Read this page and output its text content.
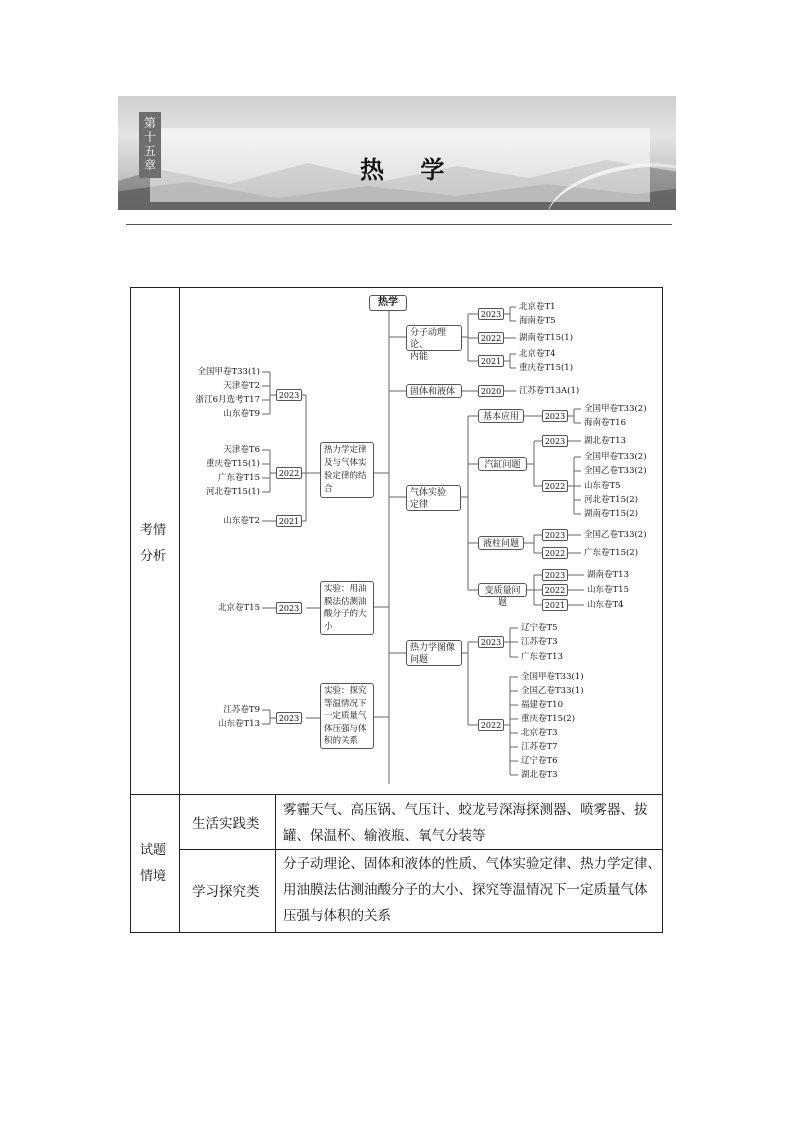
第
十
五
章	热 学
考情
分析
试题
情境
生活实践类
雾霾天气、高压锅、气压计、蛟龙号深海探测器、喷雾器、拔
罐、保温杯、输液瓶、氧气分装等
学习探究类
分子动理论、固体和液体的性质、气体实验定律、热力学定律、
用油膜法估测油酸分子的大小、探究等温情况下一定质量气体
压强与体积的关系
热学
分子动理论、
内能
固体和液体
气体实验
定律
热力学图像
问题
基本应用
汽缸问题
液柱问题
变质量问题
热力学定律
及与气体实
验定律的结
合
实验：用油
膜法估测油
酸分子的大
小
实验：探究
等温情况下
一定质量气
体压强与体
积的关系
2023
2022
2021
2020
2023
2023
2022
2023
2022
2023
2022
2021
2023
2022
2023
2022
2021
2023
2023
北京卷T1
海南卷T5
湖南卷T15(1)
北京卷T4
重庆卷T15(1)
江苏卷T13A(1)
全国甲卷T33(2)
海南卷T16
湖北卷T13
全国甲卷T33(2)
全国乙卷T33(2)
山东卷T5
河北卷T15(2)
湖南卷T15(2)
全国乙卷T33(2)
广东卷T15(2)
湖南卷T13
山东卷T15
山东卷T4
辽宁卷T5
江苏卷T3
广东卷T13
全国甲卷T33(1)
全国乙卷T33(1)
福建卷T10
重庆卷T15(2)
北京卷T3
江苏卷T7
辽宁卷T6
湖北卷T3
全国甲卷T33(1)
天津卷T2
浙江6月选考T17
山东卷T9
天津卷T6
重庆卷T15(1)
广东卷T15
河北卷T15(1)
山东卷T2
北京卷T15
江苏卷T9
山东卷T13
